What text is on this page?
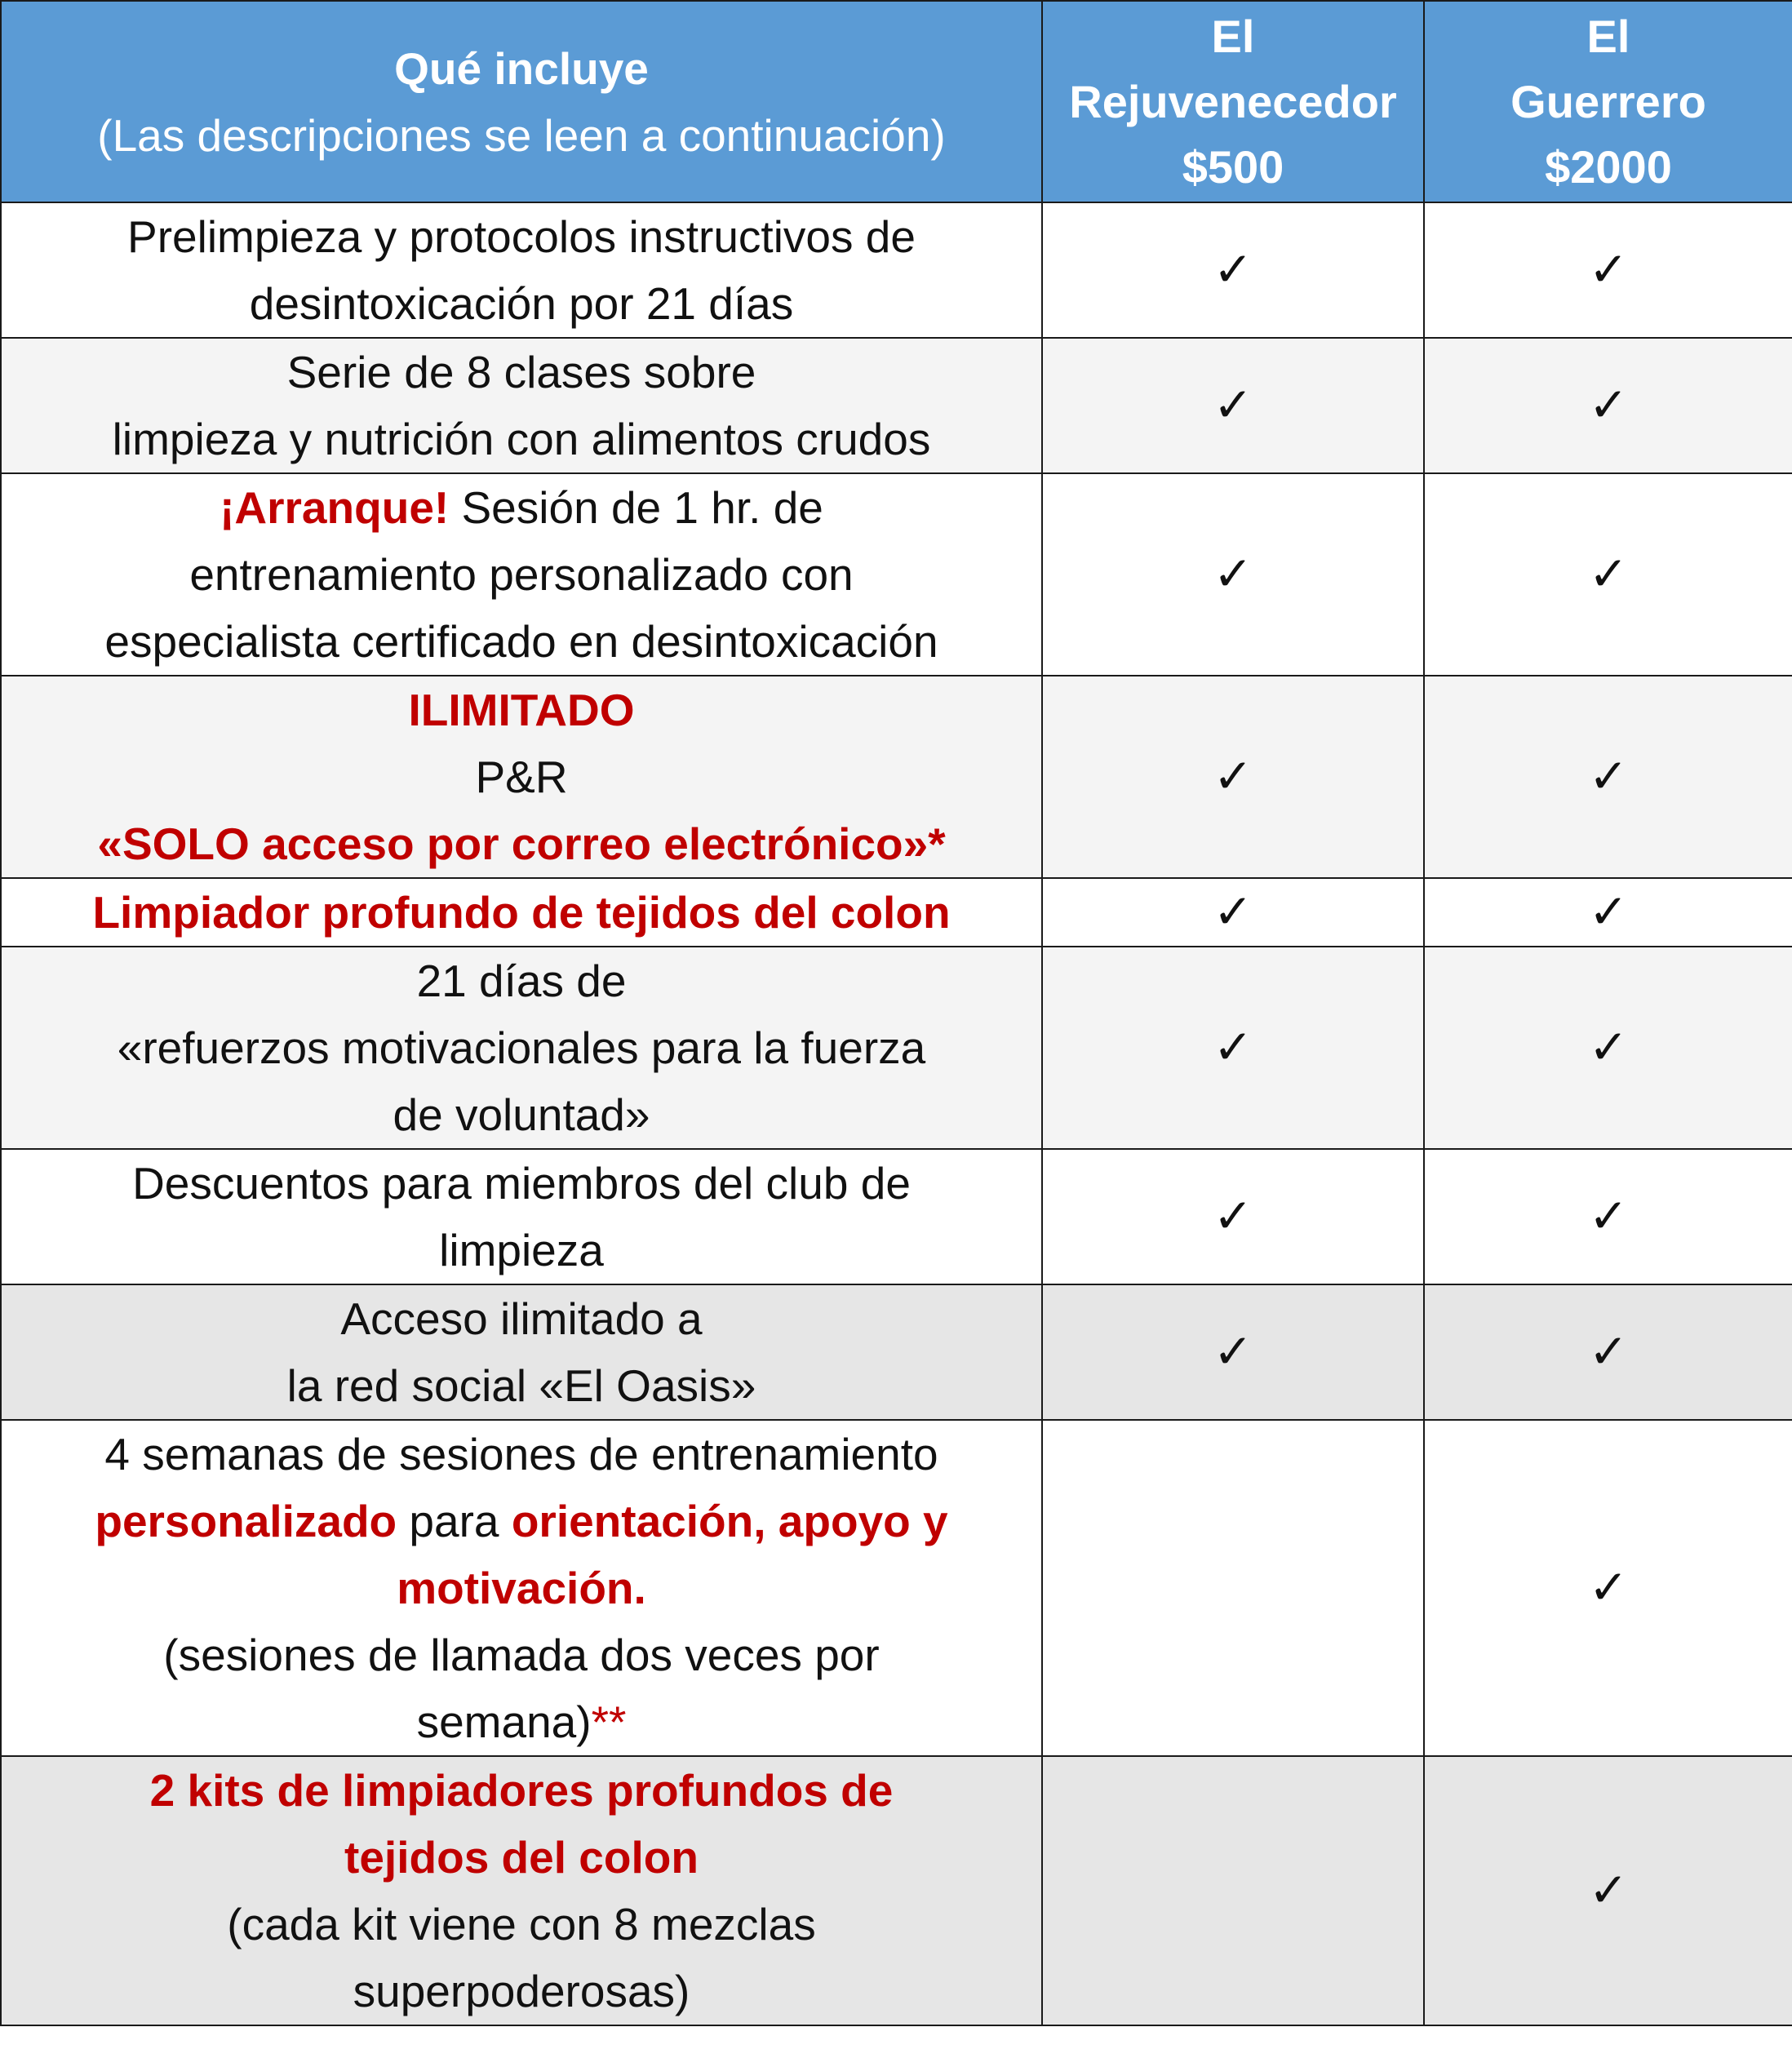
Qué incluye
(Las descripciones se leen a continuación)	El
Rejuvenecedor
$500	El
Guerrero
$2000

Prelimpieza y protocolos instructivos de
desintoxicación por 21 días	✓	✓

Serie de 8 clases sobre
limpieza y nutrición con alimentos crudos	✓	✓

¡Arranque! Sesión de 1 hr. de
entrenamiento personalizado con
especialista certificado en desintoxicación	✓	✓

ILIMITADO
P&R
«SOLO acceso por correo electrónico»*	✓	✓

Limpiador profundo de tejidos del colon	✓	✓

21 días de
«refuerzos motivacionales para la fuerza
de voluntad»	✓	✓

Descuentos para miembros del club de
limpieza	✓	✓

Acceso ilimitado a
la red social «El Oasis»	✓	✓

4 semanas de sesiones de entrenamiento
personalizado para orientación, apoyo y
motivación.
(sesiones de llamada dos veces por
semana)**		✓

2 kits de limpiadores profundos de
tejidos del colon
(cada kit viene con 8 mezclas
superpoderosas)		✓
